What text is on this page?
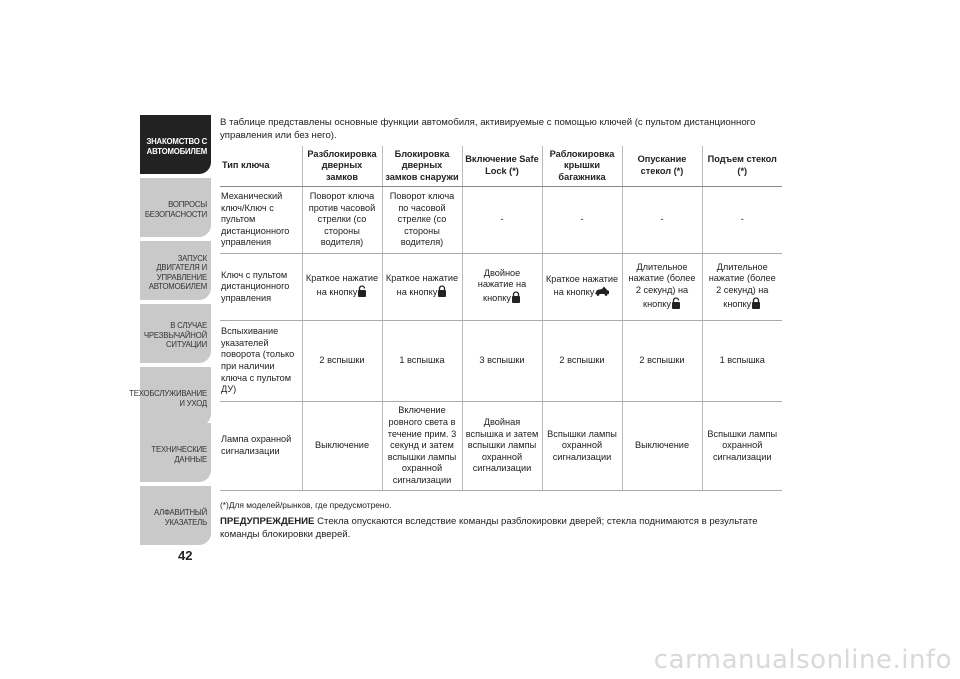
ЗНАКОМСТВО С АВТОМОБИЛЕМ
ВОПРОСЫ БЕЗОПАСНОСТИ
ЗАПУСК ДВИГАТЕЛЯ И УПРАВЛЕНИЕ АВТОМОБИЛЕМ
В СЛУЧАЕ ЧРЕЗВЫЧАЙНОЙ СИТУАЦИИ
ТЕХОБСЛУЖИВАНИЕ И УХОД
ТЕХНИЧЕСКИЕ ДАННЫЕ
АЛФАВИТНЫЙ УКАЗАТЕЛЬ
42
В таблице представлены основные функции автомобиля, активируемые с помощью ключей (с пультом дистанционного управления или без него).
Тип ключа	Разблокировка дверных замков	Блокировка дверных замков снаружи	Включение Safe Lock (*)	Раблокировка крышки багажника	Опускание стекол (*)	Подъем стекол (*)
Механический ключ/Ключ с пультом дистанционного управления	Поворот ключа против часовой стрелки (со стороны водителя)	Поворот ключа по часовой стрелке (со стороны водителя)	-	-	-	-
Ключ с пультом дистанционного управления	Краткое нажатие на кнопку	Краткое нажатие на кнопку	Двойное нажатие на кнопку	Краткое нажатие на кнопку	Длительное нажатие (более 2 секунд) на кнопку	Длительное нажатие (более 2 секунд) на кнопку
Вспыхивание указателей поворота (только при наличии ключа с пультом ДУ)	2 вспышки	1 вспышка	3 вспышки	2 вспышки	2 вспышки	1 вспышка
Лампа охранной сигнализации	Выключение	Включение ровного света в течение прим. 3 секунд и затем вспышки лампы охранной сигнализации	Двойная вспышка и затем вспышки лампы охранной сигнализации	Вспышки лампы охранной сигнализации	Выключение	Вспышки лампы охранной сигнализации
(*)Для моделей/рынков, где предусмотрено.
ПРЕДУПРЕЖДЕНИЕ Стекла опускаются вследствие команды разблокировки дверей; стекла поднимаются в результате команды блокировки дверей.
carmanualsonline.info
